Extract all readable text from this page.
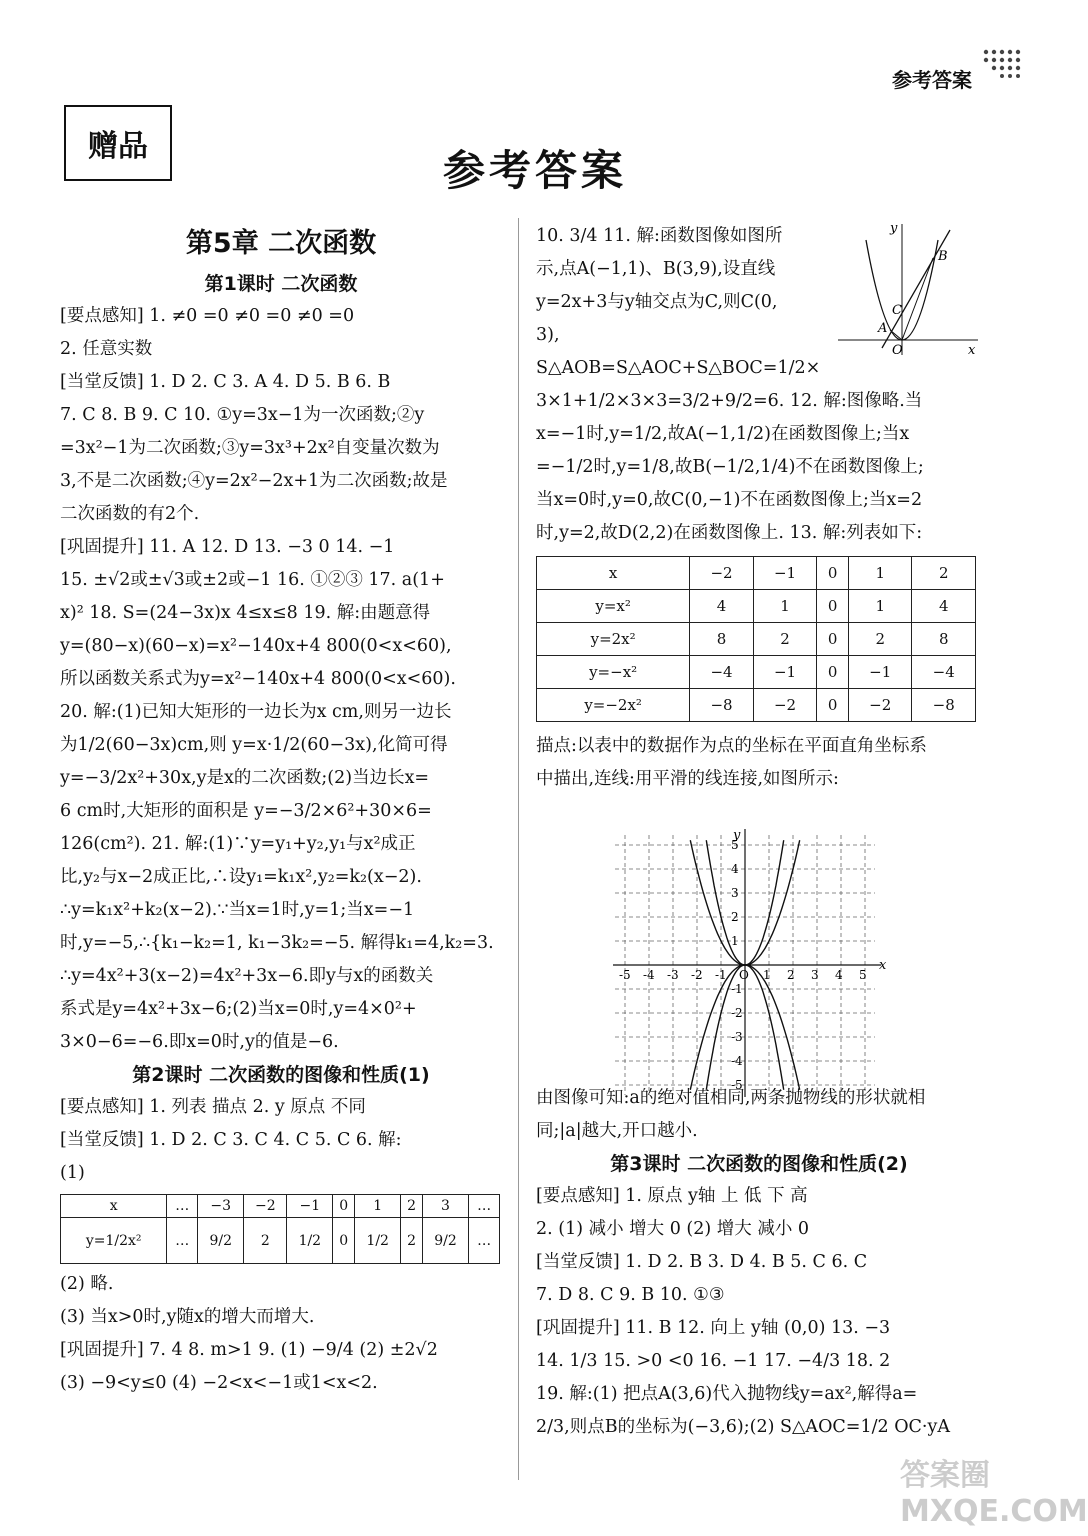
参考答案
赠品	参考答案

第5章 二次函数

第1课时 二次函数

[要点感知] 1. ≠0 =0 ≠0 =0 ≠0 =0

2. 任意实数

[当堂反馈] 1. D 2. C 3. A 4. D 5. B 6. B

7. C 8. B 9. C 10. ①y=3x−1为一次函数;②y

=3x²−1为二次函数;③y=3x³+2x²自变量次数为

3,不是二次函数;④y=2x²−2x+1为二次函数;故是

二次函数的有2个.

[巩固提升] 11. A 12. D 13. −3 0 14. −1

15. ±√2或±√3或±2或−1 16. ①②③ 17. a(1+

x)² 18. S=(24−3x)x 4≤x≤8 19. 解:由题意得

y=(80−x)(60−x)=x²−140x+4 800(0<x<60),

所以函数关系式为y=x²−140x+4 800(0<x<60).

20. 解:(1)已知大矩形的一边长为x cm,则另一边长

为1/2(60−3x)cm,则 y=x·1/2(60−3x),化简可得

y=−3/2x²+30x,y是x的二次函数;(2)当边长x=

6 cm时,大矩形的面积是 y=−3/2×6²+30×6=

126(cm²). 21. 解:(1)∵y=y₁+y₂,y₁与x²成正

比,y₂与x−2成正比,∴设y₁=k₁x²,y₂=k₂(x−2).

∴y=k₁x²+k₂(x−2).∵当x=1时,y=1;当x=−1

时,y=−5,∴{k₁−k₂=1, k₁−3k₂=−5. 解得k₁=4,k₂=3.

∴y=4x²+3(x−2)=4x²+3x−6.即y与x的函数关

系式是y=4x²+3x−6;(2)当x=0时,y=4×0²+

3×0−6=−6.即x=0时,y的值是−6.

第2课时 二次函数的图像和性质(1)

[要点感知] 1. 列表 描点 2. y 原点 不同

[当堂反馈] 1. D 2. C 3. C 4. C 5. C 6. 解:

(1)

x	…	−3	−2	−1	0	1	2	3	…
y=1/2x²	…	9/2	2	1/2	0	1/2	2	9/2	…

(2) 略.

(3) 当x>0时,y随x的增大而增大.

[巩固提升] 7. 4 8. m>1 9. (1) −9/4 (2) ±2√2

(3) −9<y≤0 (4) −2<x<−1或1<x<2.

10. 3/4 11. 解:函数图像如图所

示,点A(−1,1)、B(3,9),设直线

y=2x+3与y轴交点为C,则C(0,

3), S△AOB=S△AOC+S△BOC=1/2×

3×1+1/2×3×3=3/2+9/2=6. 12. 解:图像略.当

x=−1时,y=1/2,故A(−1,1/2)在函数图像上;当x

=−1/2时,y=1/8,故B(−1/2,1/4)不在函数图像上;

当x=0时,y=0,故C(0,−1)不在函数图像上;当x=2

时,y=2,故D(2,2)在函数图像上. 13. 解:列表如下:

x	−2	−1	0	1	2
y=x²	4	1	0	1	4
y=2x²	8	2	0	2	8
y=−x²	−4	−1	0	−1	−4
y=−2x²	−8	−2	0	−2	−8

描点:以表中的数据作为点的坐标在平面直角坐标系

中描出,连线:用平滑的线连接,如图所示:

由图像可知:a的绝对值相同,两条抛物线的形状就相

同;|a|越大,开口越小.

第3课时 二次函数的图像和性质(2)

[要点感知] 1. 原点 y轴 上 低 下 高

2. (1) 减小 增大 0 (2) 增大 减小 0

[当堂反馈] 1. D 2. B 3. D 4. B 5. C 6. C

7. D 8. C 9. B 10. ①③

[巩固提升] 11. B 12. 向上 y轴 (0,0) 13. −3

14. 1/3 15. >0 <0 16. −1 17. −4/3 18. 2

19. 解:(1) 把点A(3,6)代入抛物线y=ax²,解得a=

2/3,则点B的坐标为(−3,6);(2) S△AOC=1/2 OC·yA

y
B
C
A
O	x
-5 -4 -3 -2 -1 O 1 2 3 4 5
5
4
3
2
1
-1
-2
-3
-4
-5
x
y
答案圈 MXQE.COM
